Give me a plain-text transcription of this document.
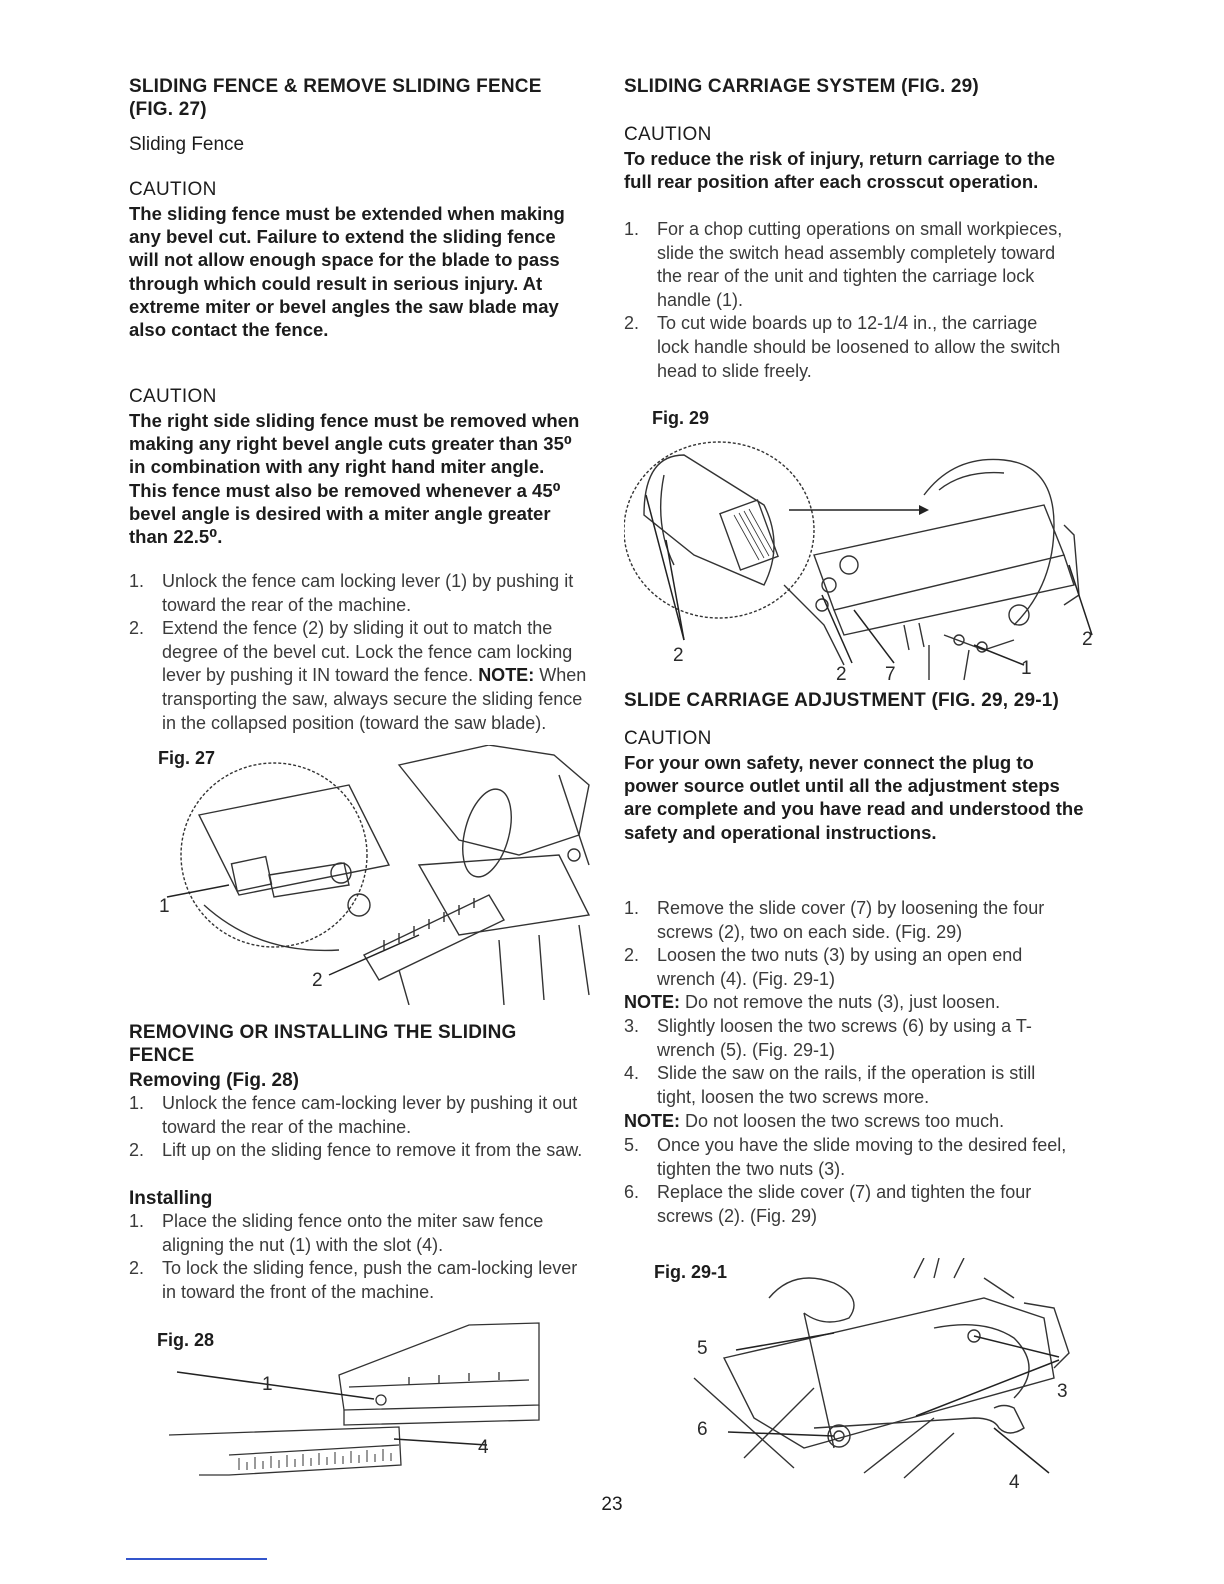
SLIDING FENCE & REMOVE SLIDING FENCE (FIG. 27)
Sliding Fence
CAUTION
The sliding fence must be extended when making any bevel cut. Failure to extend the sliding fence will not allow enough space for the blade to pass through which could result in serious injury. At extreme miter or bevel angles the saw blade may also contact the fence.
CAUTION
The right side sliding fence must be removed when making any right bevel angle cuts greater than 35⁰ in combination with any right hand miter angle. This fence must also be removed whenever a 45⁰ bevel angle is desired with a miter angle greater than 22.5⁰.
1. Unlock the fence cam locking lever (1) by pushing it toward the rear of the machine.
2. Extend the fence (2) by sliding it out to match the degree of the bevel cut. Lock the fence cam locking lever by pushing it IN toward the fence. NOTE: When transporting the saw, always secure the sliding fence in the collapsed position (toward the saw blade).
Fig. 27
1
2
REMOVING OR INSTALLING THE SLIDING FENCE
Removing (Fig. 28)
1. Unlock the fence cam-locking lever by pushing it out toward the rear of the machine.
2. Lift up on the sliding fence to remove it from the saw.
Installing
1. Place the sliding fence onto the miter saw fence aligning the nut (1) with the slot (4).
2. To lock the sliding fence, push the cam-locking lever in toward the front of the machine.
Fig. 28
1
4
SLIDING CARRIAGE SYSTEM (FIG. 29)
CAUTION
To reduce the risk of injury, return carriage to the full rear position after each crosscut operation.
1. For a chop cutting operations on small workpieces, slide the switch head assembly completely toward the rear of the unit and tighten the carriage lock handle (1).
2. To cut wide boards up to 12-1/4 in., the carriage lock handle should be loosened to allow the switch head to slide freely.
Fig. 29
2
2 7	1
2
SLIDE CARRIAGE ADJUSTMENT (FIG. 29, 29-1)
CAUTION
For your own safety, never connect the plug to power source outlet until all the adjustment steps are complete and you have read and understood the safety and operational instructions.
1. Remove the slide cover (7) by loosening the four screws (2), two on each side. (Fig. 29)
2. Loosen the two nuts (3) by using an open end wrench (4). (Fig. 29-1)
NOTE: Do not remove the nuts (3), just loosen.
3. Slightly loosen the two screws (6) by using a T-wrench (5). (Fig. 29-1)
4. Slide the saw on the rails, if the operation is still tight, loosen the two screws more.
NOTE: Do not loosen the two screws too much.
5. Once you have the slide moving to the desired feel, tighten the two nuts (3).
6. Replace the slide cover (7) and tighten the four screws (2). (Fig. 29)
Fig. 29-1
5
6
3
4
23
